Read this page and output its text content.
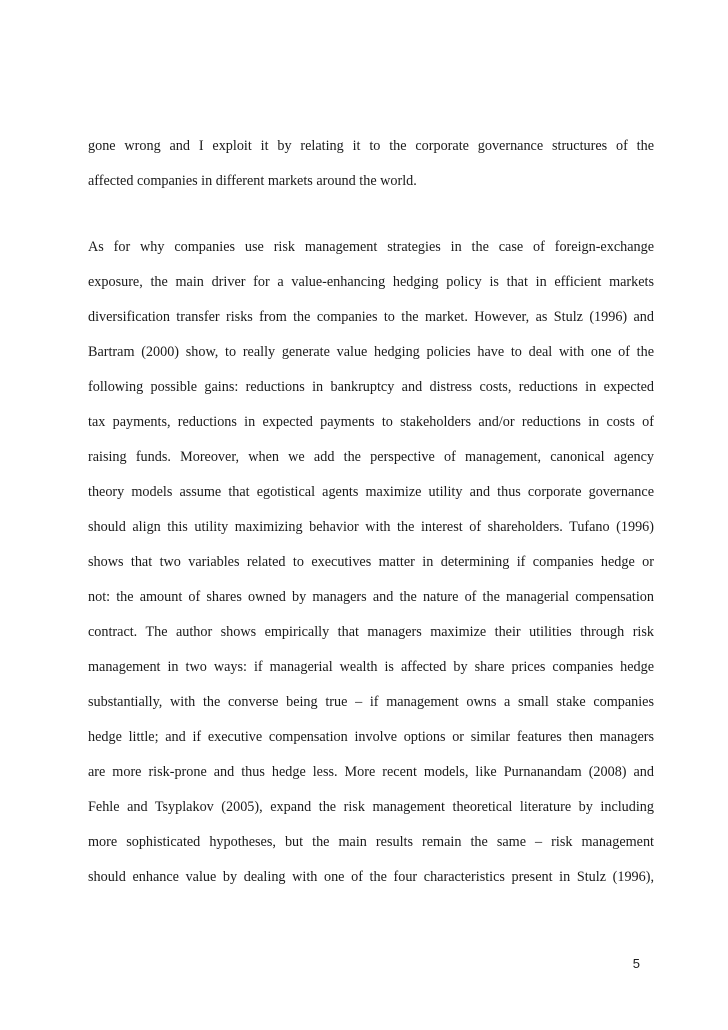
gone wrong and I exploit it by relating it to the corporate governance structures of the
affected companies in different markets around the world.

As for why companies use risk management strategies in the case of foreign-exchange
exposure, the main driver for a value-enhancing hedging policy is that in efficient markets
diversification transfer risks from the companies to the market. However, as Stulz (1996) and
Bartram (2000) show, to really generate value hedging policies have to deal with one of the
following possible gains: reductions in bankruptcy and distress costs, reductions in expected
tax payments, reductions in expected payments to stakeholders and/or reductions in costs of
raising funds. Moreover, when we add the perspective of management, canonical agency
theory models assume that egotistical agents maximize utility and thus corporate governance
should align this utility maximizing behavior with the interest of shareholders. Tufano (1996)
shows that two variables related to executives matter in determining if companies hedge or
not: the amount of shares owned by managers and the nature of the managerial compensation
contract. The author shows empirically that managers maximize their utilities through risk
management in two ways: if managerial wealth is affected by share prices companies hedge
substantially, with the converse being true – if management owns a small stake companies
hedge little; and if executive compensation involve options or similar features then managers
are more risk-prone and thus hedge less. More recent models, like Purnanandam (2008) and
Fehle and Tsyplakov (2005), expand the risk management theoretical literature by including
more sophisticated hypotheses, but the main results remain the same – risk management
should enhance value by dealing with one of the four characteristics present in Stulz (1996),

5
